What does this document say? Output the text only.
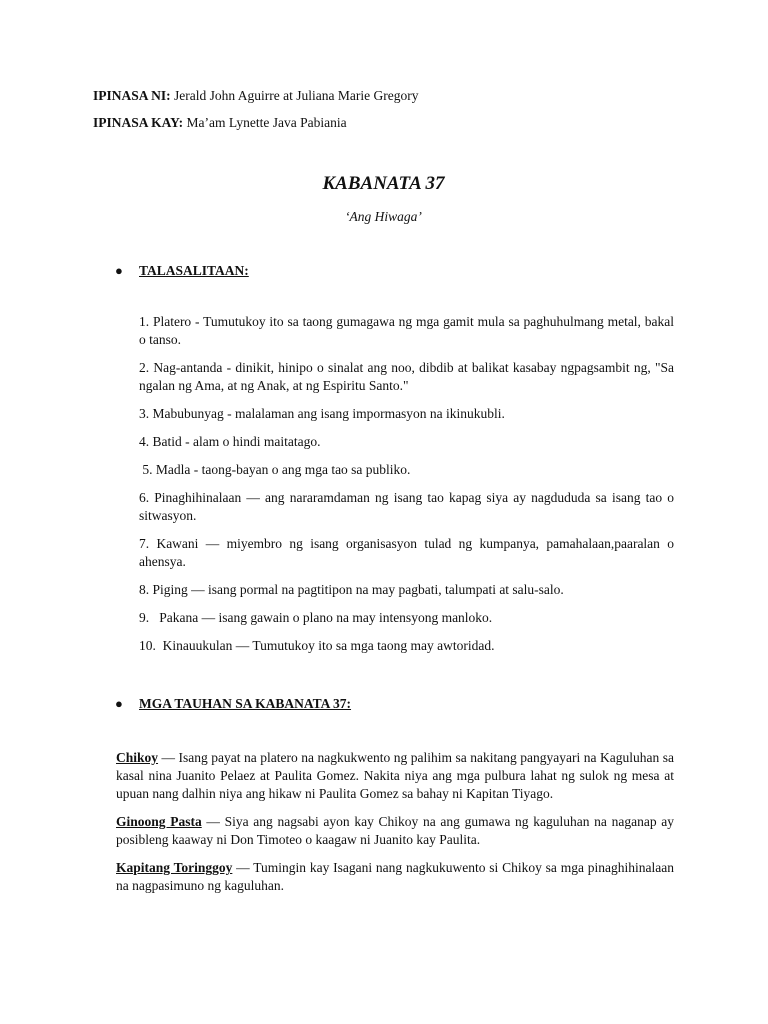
IPINASA NI: Jerald John Aguirre at Juliana Marie Gregory

IPINASA KAY: Ma’am Lynette Java Pabiania

KABANATA 37
‘Ang Hiwaga’
●	TALASALITAAN:
1. Platero - Tumutukoy ito sa taong gumagawa ng mga gamit mula sa paghuhulmang metal, bakal o tanso.
2. Nag-antanda - dinikit, hinipo o sinalat ang noo, dibdib at balikat kasabay ngpagsambit ng, "Sa ngalan ng Ama, at ng Anak, at ng Espiritu Santo."
3. Mabubunyag - malalaman ang isang impormasyon na ikinukubli.
4. Batid - alam o hindi maitatago.
5. Madla - taong-bayan o ang mga tao sa publiko.
6. Pinaghihinalaan — ang nararamdaman ng isang tao kapag siya ay nagdududa sa isang tao o sitwasyon.
7. Kawani — miyembro ng isang organisasyon tulad ng kumpanya, pamahalaan,paaralan o ahensya.
8. Piging — isang pormal na pagtitipon na may pagbati, talumpati at salu-salo.
9.   Pakana — isang gawain o plano na may intensyong manloko.
10.  Kinauukulan — Tumutukoy ito sa mga taong may awtoridad.
●	MGA TAUHAN SA KABANATA 37:

Chikoy — Isang payat na platero na nagkukwento ng palihim sa nakitang pangyayari na Kaguluhan sa kasal nina Juanito Pelaez at Paulita Gomez. Nakita niya ang mga pulbura lahat ng sulok ng mesa at upuan nang dalhin niya ang hikaw ni Paulita Gomez sa bahay ni Kapitan Tiyago.

Ginoong Pasta — Siya ang nagsabi ayon kay Chikoy na ang gumawa ng kaguluhan na naganap ay posibleng kaaway ni Don Timoteo o kaagaw ni Juanito kay Paulita.

Kapitang Toringgoy — Tumingin kay Isagani nang nagkukuwento si Chikoy sa mga pinaghihinalaan na nagpasimuno ng kaguluhan.
